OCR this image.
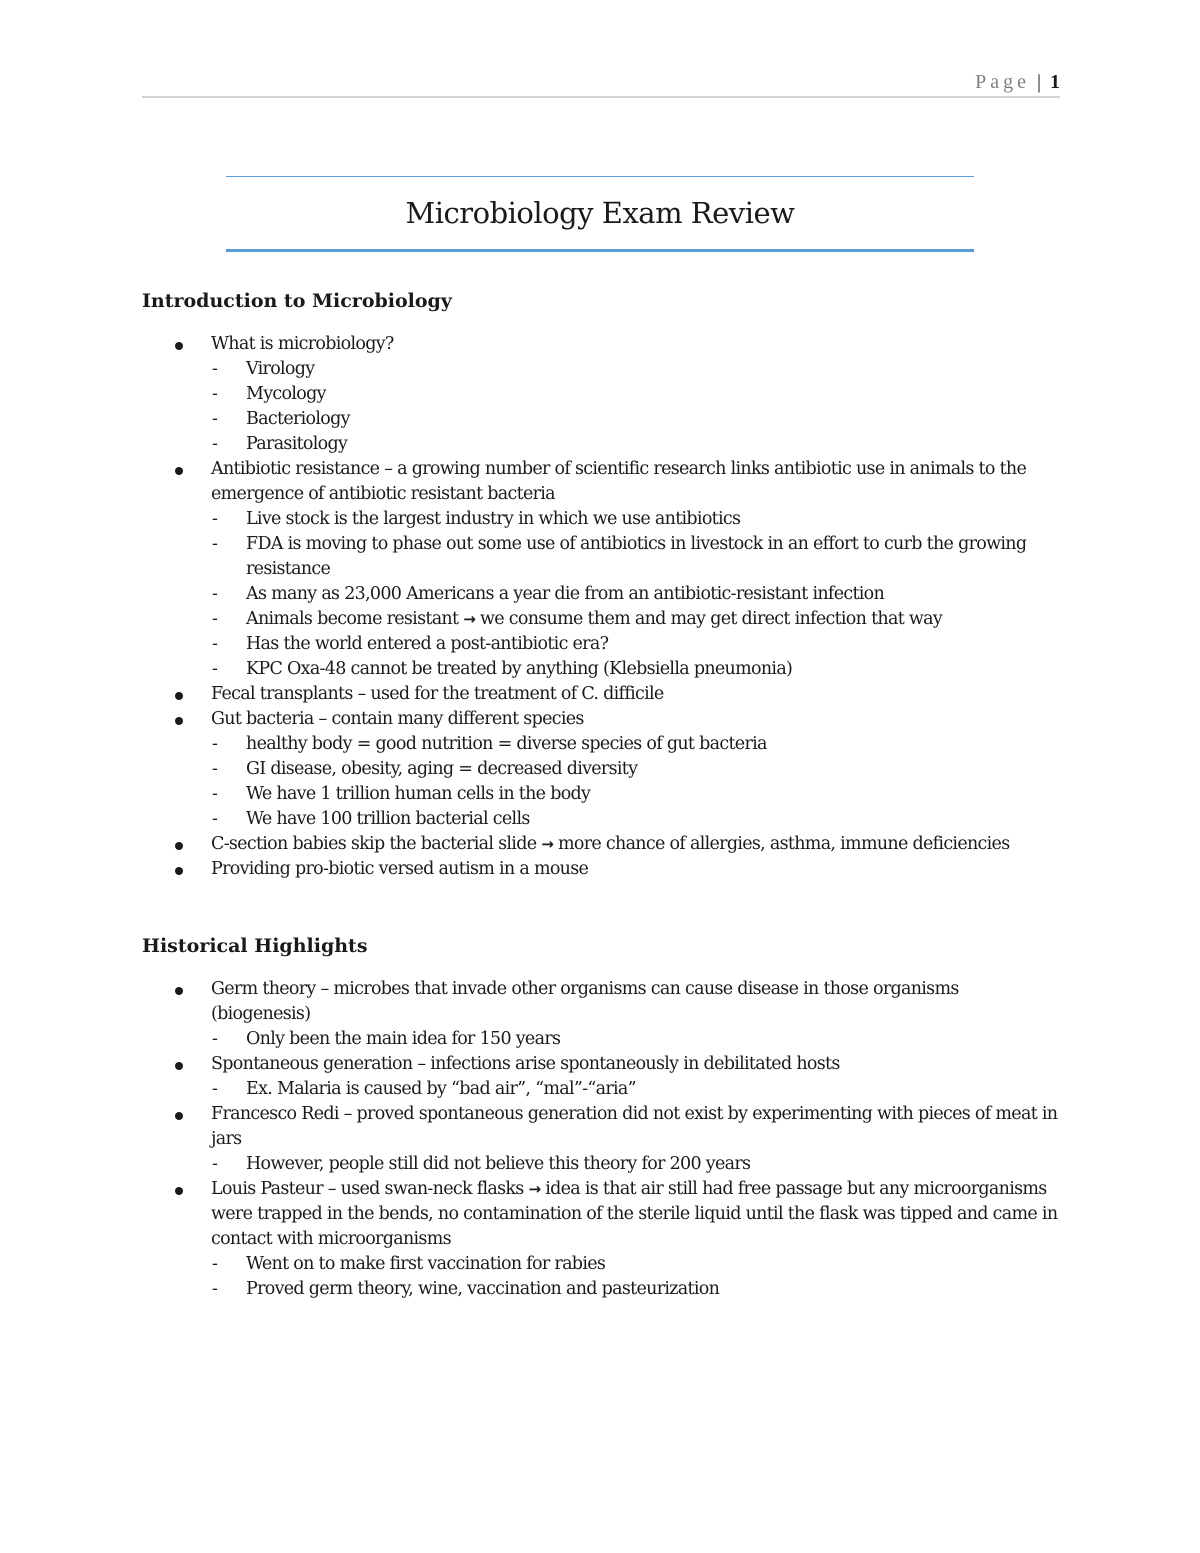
Page | 1
Microbiology Exam Review
Introduction to Microbiology
What is microbiology?
- Virology
- Mycology
- Bacteriology
- Parasitology
Antibiotic resistance – a growing number of scientific research links antibiotic use in animals to the emergence of antibiotic resistant bacteria
- Live stock is the largest industry in which we use antibiotics
- FDA is moving to phase out some use of antibiotics in livestock in an effort to curb the growing resistance
- As many as 23,000 Americans a year die from an antibiotic-resistant infection
- Animals become resistant → we consume them and may get direct infection that way
- Has the world entered a post-antibiotic era?
- KPC Oxa-48 cannot be treated by anything (Klebsiella pneumonia)
Fecal transplants – used for the treatment of C. difficile
Gut bacteria – contain many different species
- healthy body = good nutrition = diverse species of gut bacteria
- GI disease, obesity, aging = decreased diversity
- We have 1 trillion human cells in the body
- We have 100 trillion bacterial cells
C-section babies skip the bacterial slide → more chance of allergies, asthma, immune deficiencies
Providing pro-biotic versed autism in a mouse
Historical Highlights
Germ theory – microbes that invade other organisms can cause disease in those organisms (biogenesis)
- Only been the main idea for 150 years
Spontaneous generation – infections arise spontaneously in debilitated hosts
- Ex. Malaria is caused by “bad air”, “mal”-“aria”
Francesco Redi – proved spontaneous generation did not exist by experimenting with pieces of meat in jars
- However, people still did not believe this theory for 200 years
Louis Pasteur – used swan-neck flasks → idea is that air still had free passage but any microorganisms were trapped in the bends, no contamination of the sterile liquid until the flask was tipped and came in contact with microorganisms
- Went on to make first vaccination for rabies
- Proved germ theory, wine, vaccination and pasteurization
